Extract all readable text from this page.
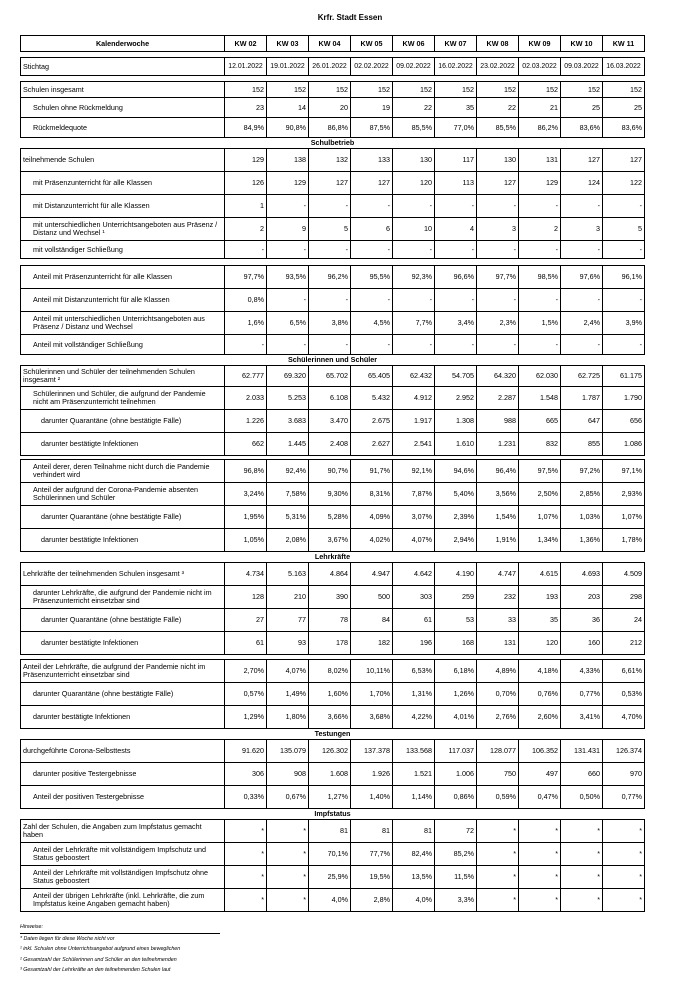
Krfr. Stadt Essen
Kalenderwoche	KW 02	KW 03	KW 04	KW 05	KW 06	KW 07	KW 08	KW 09	KW 10	KW 11

Stichtag	12.01.2022	19.01.2022	26.01.2022	02.02.2022	09.02.2022	16.02.2022	23.02.2022	02.03.2022	09.03.2022	16.03.2022

Schulen insgesamt	152	152	152	152	152	152	152	152	152	152
Schulen ohne Rückmeldung	23	14	20	19	22	35	22	21	25	25
Rückmeldequote	84,9%	90,8%	86,8%	87,5%	85,5%	77,0%	85,5%	86,2%	83,6%	83,6%
Schulbetrieb										
teilnehmende Schulen	129	138	132	133	130	117	130	131	127	127
mit Präsenzunterricht für alle Klassen	126	129	127	127	120	113	127	129	124	122
mit Distanzunterricht für alle Klassen	1	-	-	-	-	-	-	-	-	-
mit unterschiedlichen Unterrichtsangeboten aus Präsenz / Distanz und Wechsel ¹	2	9	5	6	10	4	3	2	3	5
mit vollständiger Schließung	-	-	-	-	-	-	-	-	-	-

Anteil mit Präsenzunterricht für alle Klassen	97,7%	93,5%	96,2%	95,5%	92,3%	96,6%	97,7%	98,5%	97,6%	96,1%
Anteil mit Distanzunterricht für alle Klassen	0,8%	-	-	-	-	-	-	-	-	-
Anteil mit unterschiedlichen Unterrichtsangeboten aus Präsenz / Distanz und Wechsel	1,6%	6,5%	3,8%	4,5%	7,7%	3,4%	2,3%	1,5%	2,4%	3,9%
Anteil mit vollständiger Schließung	-	-	-	-	-	-	-	-	-	-
Schülerinnen und Schüler										
Schülerinnen und Schüler der teilnehmenden Schulen insgesamt ²	62.777	69.320	65.702	65.405	62.432	54.705	64.320	62.030	62.725	61.175
Schülerinnen und Schüler, die aufgrund der Pandemie nicht am Präsenzunterricht teilnehmen	2.033	5.253	6.108	5.432	4.912	2.952	2.287	1.548	1.787	1.790
darunter Quarantäne (ohne bestätigte Fälle)	1.226	3.683	3.470	2.675	1.917	1.308	988	665	647	656
darunter bestätigte Infektionen	662	1.445	2.408	2.627	2.541	1.610	1.231	832	855	1.086

Anteil derer, deren Teilnahme nicht durch die Pandemie verhindert wird	96,8%	92,4%	90,7%	91,7%	92,1%	94,6%	96,4%	97,5%	97,2%	97,1%
Anteil der aufgrund der Corona-Pandemie absenten Schülerinnen und Schüler	3,24%	7,58%	9,30%	8,31%	7,87%	5,40%	3,56%	2,50%	2,85%	2,93%
darunter Quarantäne (ohne bestätigte Fälle)	1,95%	5,31%	5,28%	4,09%	3,07%	2,39%	1,54%	1,07%	1,03%	1,07%
darunter bestätigte Infektionen	1,05%	2,08%	3,67%	4,02%	4,07%	2,94%	1,91%	1,34%	1,36%	1,78%
Lehrkräfte										
Lehrkräfte der teilnehmenden Schulen insgesamt ³	4.734	5.163	4.864	4.947	4.642	4.190	4.747	4.615	4.693	4.509
darunter Lehrkräfte, die aufgrund der Pandemie nicht im Präsenzunterricht einsetzbar sind	128	210	390	500	303	259	232	193	203	298
darunter Quarantäne (ohne bestätigte Fälle)	27	77	78	84	61	53	33	35	36	24
darunter bestätigte Infektionen	61	93	178	182	196	168	131	120	160	212

Anteil der Lehrkräfte, die aufgrund der Pandemie nicht im Präsenzunterricht einsetzbar sind	2,70%	4,07%	8,02%	10,11%	6,53%	6,18%	4,89%	4,18%	4,33%	6,61%
darunter Quarantäne (ohne bestätigte Fälle)	0,57%	1,49%	1,60%	1,70%	1,31%	1,26%	0,70%	0,76%	0,77%	0,53%
darunter bestätigte Infektionen	1,29%	1,80%	3,66%	3,68%	4,22%	4,01%	2,76%	2,60%	3,41%	4,70%
Testungen										
durchgeführte Corona-Selbsttests	91.620	135.079	126.302	137.378	133.568	117.037	128.077	106.352	131.431	126.374
darunter positive Testergebnisse	306	908	1.608	1.926	1.521	1.006	750	497	660	970
Anteil der positiven Testergebnisse	0,33%	0,67%	1,27%	1,40%	1,14%	0,86%	0,59%	0,47%	0,50%	0,77%
Impfstatus										
Zahl der Schulen, die Angaben zum Impfstatus gemacht haben	*	*	81	81	81	72	*	*	*	*
Anteil der Lehrkräfte mit vollständigem Impfschutz und Status geboostert	*	*	70,1%	77,7%	82,4%	85,2%	*	*	*	*
Anteil der Lehrkräfte mit vollständigen Impfschutz ohne Status geboostert	*	*	25,9%	19,5%	13,5%	11,5%	*	*	*	*
Anteil der übrigen Lehrkräfte (inkl. Lehrkräfte, die zum Impfstatus keine Angaben gemacht haben)	*	*	4,0%	2,8%	4,0%	3,3%	*	*	*	*
Hinweise:
* Daten liegen für diese Woche nicht vor
¹ inkl. Schulen ohne Unterrichtsangebot aufgrund eines beweglichen
² Gesamtzahl der Schülerinnen und Schüler an den teilnehmenden
³ Gesamtzahl der Lehrkräfte an den teilnehmenden Schulen laut
